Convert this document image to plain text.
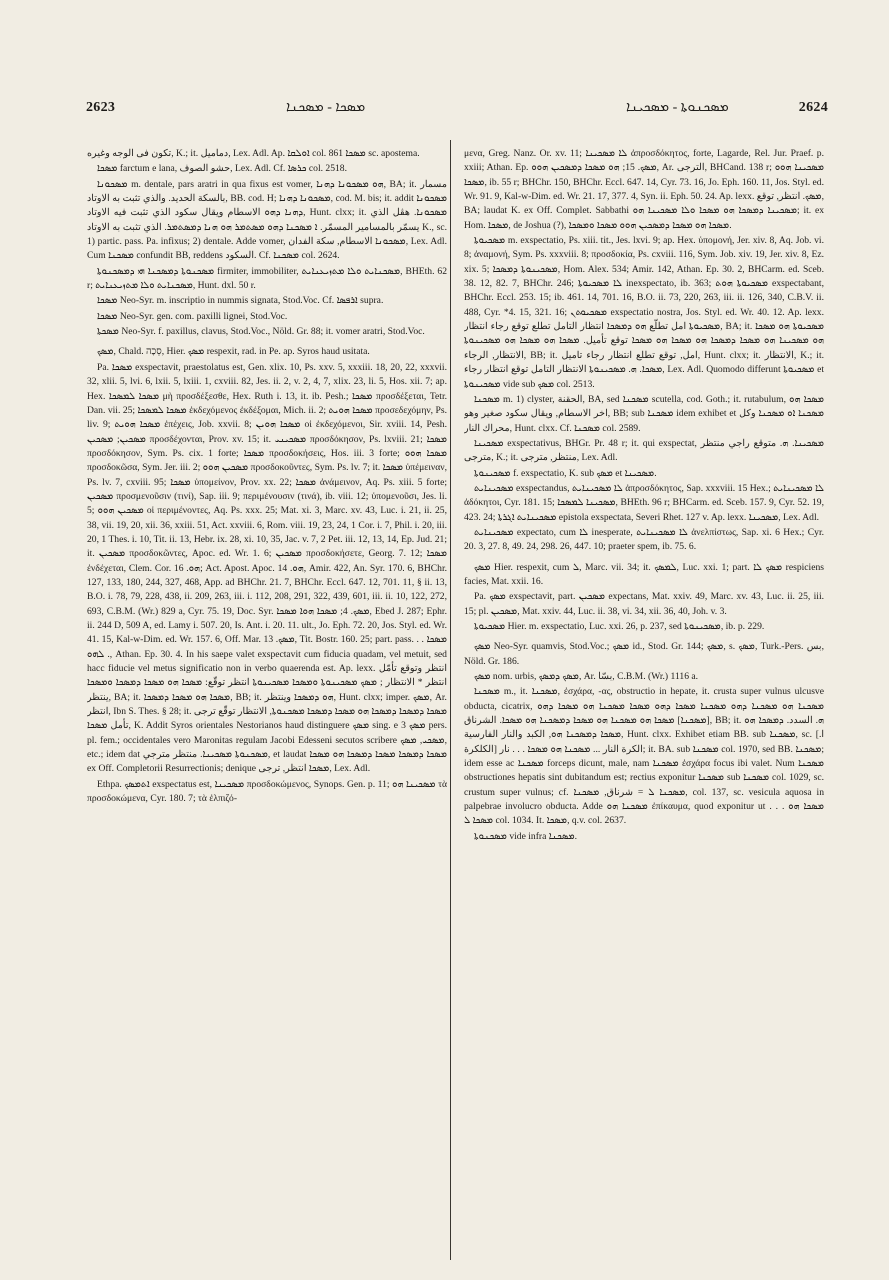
2623	ܡܣܟܐ - ܡܣܟܢܐ	ܡܣܟܢܘܬܐ - ܡܣܟܝܢܐ	2624

تكون فى الوجه وغيره, K.; it. دماميل, Lex. Adl. Ap. ܐܘܠܩܐ col. 861 ܡܣܟܐ sc. apostema.

ܡܣܟܐ farctum e lana, حشو الصوف, Lex. Adl. Cf. ܟܪܣܐ col. 2518.

ܡܣܟܘܢܐ m. dentale, pars aratri in qua fixus est vomer, ܗܘ ܡܣܟܘܢܐ ܕܗܢܐ, BA; it. مسمار بالسكة الحديد. والذي تثبت به الاوتاد, BB. cod. H; ܡܣܟܘܢܐ ܕܗܢܐ, cod. M. bis; it. addit ܡܣܟܘܢܐ ܕܗܢܐ ܕܗܘ الاسطام ويقال سكود الذي تثبت فيه الاوتاد, Hunt. clxx; it. ܡܣܟܘܢܐ. هڨل الذي يسمّر بالمسامير المسمّر. ܐ ܡܣܟܢܐ ܕܗܘ ܡܣܬܡܪ ܗܘ ܗܢܐ ܕܡܣܬܡܪ. الذي تثبت به الاوتاد K., sc. 1) partic. pass. Pa. infixus; 2) dentale. Adde vomer, ܡܣܟܘܢܐ الاسطام, سكة الفدان, Lex. Adl. Cum ܡܣܟܢܐ confundit BB, reddens السكود. Cf. ܡܣܟܢܐ col. 2624.

ܡܣܟܢܘܬܐ ܕܡܣܟܢܐ ܗܝ ܕܡܣܟܢܘܬܐ firmiter, immobiliter, ܡܣܟܢܐܝܬ ܘܠܐ ܡܬܙܝܥܢܐܝܬ, BHEth. 62 r; ܡܣܟܢܐܝܬ ܘܠܐ ܡܬܙܝܥܢܐܝܬ, Hunt. dxl. 50 r.

ܡܣܟܐ Neo-Syr. m. inscriptio in nummis signata, Stod.Voc. Cf. ܐܪܦܣܐ supra.

ܡܣܟܐ Neo-Syr. gen. com. paxilli lignei, Stod.Voc.

ܡܣܟܬܐ Neo-Syr. f. paxillus, clavus, Stod.Voc., Nöld. Gr. 88; it. vomer aratri, Stod.Voc.

ܡܣܟ, Chald. סְכָה, Hier. ܡܣܟ respexit, rad. in Pe. ap. Syros haud usitata.

Pa. ܡܣܟܐ exspectavit, praestolatus est, Gen. xlix. 10, Ps. xxv. 5, xxxiii. 18, 20, 22, xxxvii. 32, xlii. 5, lvi. 6, lxii. 5, lxiii. 1, cxviii. 82, Jes. ii. 2, v. 2, 4, 7, xlix. 23, li. 5, Hos. xii. 7; ap. Hex. ܡܣܟܐ ܠܡܣܟܐ μὴ προσδέξεσθε, Hex. Ruth i. 13, it. ib. Pesh.; ܡܣܟܐ προσδέξεται, Tetr. Dan. vii. 25; ܡܣܟܐ ܠܡܣܟܐ ἐκδεχόμενος ἐκδέξομαι, Mich. ii. 2; ܡܣܟܐ ܗܘܝܬ προσεδεχόμην, Ps. liv. 9; ܡܣܟܐ ܗܘܝܬ ἐπέχεις, Job. xxvii. 8; ܡܣܟܐ ܗܘܝܢ οἱ ἐκδεχόμενοι, Sir. xviii. 14, Pesh. ܡܣܟܝܢ; ܡܣܟܝܢ προσδέχονται, Prov. xv. 15; it. ܡܣܟܝܢܝ προσδόκησον, Ps. lxviii. 21; ܡܣܟܐ προσδόκησον, Sym. Ps. cix. 1 forte; ܡܣܟܐ προσδοκήσεις, Hos. iii. 3 forte; ܡܣܟܐ ܗܘܘ προσδοκῶσα, Sym. Jer. iii. 2; ܡܣܟܝܢ ܗܘܘ προσδοκοῦντες, Sym. Ps. lv. 7; it. ܡܣܟܐ ὑπέμειναν, Ps. lv. 7, cxviii. 95; ܡܣܟܐ ὑπομείνον, Prov. xx. 22; ܡܣܟܐ ἀνάμεινον, Aq. Ps. xiii. 5 forte; ܡܣܟܝܢ προσμενοῦσιν (τινί), Sap. iii. 9; περιμένουσιν (τινά), ib. viii. 12; ὑπομενοῦσι, Jes. li. 5; ܡܣܟܝܢ ܗܘܘ οἱ περιμένοντες, Aq. Ps. xxx. 25; Mat. xi. 3, Marc. xv. 43, Luc. i. 21, ii. 25, 38, vii. 19, 20, xii. 36, xxiii. 51, Act. xxviii. 6, Rom. viii. 19, 23, 24, 1 Cor. i. 7, Phil. i. 20, iii. 20, 1 Thes. i. 10, Tit. ii. 13, Hebr. ix. 28, xi. 10, 35, Jac. v. 7, 2 Pet. iii. 12, 13, 14, Ep. Jud. 21; it. ܡܣܟܝܢ προσδοκῶντες, Apoc. ed. Wr. 1. 6; ܡܣܟܝܢ προσδοκήσετε, Georg. 7. 12; ܡܣܟܐ ἐνδέχεται, Clem. Cor. ܗܘ. 16; Act. Apost. Apoc. ܗܘ. 14, Amir. 422, An. Syr. 170. 6, BHChr. 127, 133, 180, 244, 327, 468, App. ad BHChr. 21. 7, BHChr. Eccl. 647. 12, 701. 11, § ii. 13, B.O. i. 78, 79, 228, 438, ii. 209, 263, iii. i. 112, 208, 291, 322, 439, 601, iii. ii. 10, 122, 272, 693, C.B.M. (Wr.) 829 a, Cyr. 75. 19, Doc. Syr. ܡܣܟ. 4; ܡܣܟܐ ܗܘܐ ܡܣܟܐ, Ebed J. 287; Ephr. ii. 244 D, 509 A, ed. Lamy i. 507. 20, Is. Ant. i. 20. 11. ult., Jo. Eph. 72. 20, Jos. Styl. ed. Wr. 41. 15, Kal-w-Dim. ed. Wr. 157. 6, Off. Mar. ܡܣܟ. 13, Tit. Bostr. 160. 25; part. pass. ܡܣܟܐ . . . ܠܗܘ, Athan. Ep. 30. 4. In his saepe valet exspectavit cum fiducia quadam, vel metuit, sed hacc fiducie vel metus significatio non in verbo quaerenda est. Ap. lexx. انتظر وتوقع تأمّل انتظر * الانتظار ; ܡܣܟ ܡܣܟܝܢܘܬܐ ܘܡܣܟܐ ܡܣܟܝܢܘܬܐ انتظر توقّع: ܡܣܟܐ ܗܘ ܡܣܟܐ ܕܡܣܟܐ ܘܡܣܟܐ ينتظر, BA; it. ܡܣܟܐ ܗܘ ܡܣܟܐ ܕܡܣܟܐ, BB; it. ܗܘ ܕܡܣܟܐ وينتظر, Hunt. clxx; imper. ܡܣܟ, Ar. انتظر, Ibn S. Thes. § 28; it. ܡܣܟܐ ܕܡܣܟܐ ܕܡܣܟܐ ܗܘ ܡܣܟܐ ܕܡܣܟܐ ܡܣܟܢܘܬܐ, الانتظار توقّع ترجى تأمل ܡܣܟܐ, K. Addit Syros orientales Nestorianos haud distinguere ܡܣܟ sing. e ܡܣܟ 3 pers. pl. fem.; occidentales vero Maronitas regulam Jacobi Edesseni secutos scribere ܡܣܟܝ, ܡܣܟ, etc.; idem dat ܡܣܟܢܘܬܐ ܡܣܟܝܢܐ. منتظر مترجي, et laudat ܡܣܟܐ ܕܡܣܟܐ ܡܣܟܐ ܕܡܣܟܐ ܗܘ ܡܣܟܐ ex Off. Completorii Resurrectionis; denique ܡܣܟܐ انتظر, ترجى, Lex. Adl.

Ethpa. ܐܬܡܣܟ exspectatus est, ܡܣܟܝܢܐ προσδοκώμενος, Synops. Gen. p. 11; ܡܣܟܝܢܐ ܗܘ τὰ προσδοκώμενα, Cyr. 180. 7; τὰ ἐλπιζό-

μενα, Greg. Nanz. Or. xv. 11; ܠܐ ܡܣܟܝܢܐ ἀπροσδόκητος, forte, Lagarde, Rel. Jur. Praef. p. xxiii; Athan. Ep. ܡܣܟ. 15; ܗܘ ܡܣܟܐ ܕܡܣܟܝܢ ܗܘܘ, Ar. الترجى, BHCand. 138 r; ܡܣܟܝܢܐ ܗܘܘ ܡܣܟܐ, ib. 55 r; BHChr. 150, BHChr. Eccl. 647. 14, Cyr. 73. 16, Jo. Eph. 160. 11, Jos. Styl. ed. Wr. 91. 9, Kal-w-Dim. ed. Wr. 21. 17, 377. 4, Syn. ii. Eph. 50. 24. Ap. lexx. ܡܣܟ. انتظر, توقع, BA; laudat K. ex Off. Complet. Sabbathi ܡܣܟܝܢܐ ܕܡܣܟܐ ܗܘ ܡܣܟܐ ܘܠܐ ܡܣܟܝܢܐ ܗܘ; it. ex Hom. ܡܣܟܐ, de Joshua (?), ܡܣܟܐ ܗܘ ܡܣܟܐ ܕܡܣܟܝܢ ܗܘܘ ܡܣܟܐ ܘܡܣܟܐ.

ܡܣܟܝܘܬܐ m. exspectatio, Ps. xiii. tit., Jes. lxvi. 9; ap. Hex. ὑπομονή, Jer. xiv. 8, Aq. Job. vi. 8; ἀναμονή, Sym. Ps. xxxviii. 8; προσδοκία, Ps. cxviii. 116, Sym. Job. xiv. 19, Jer. xiv. 8, Ez. xix. 5; ܡܣܟܝܢܘܬܐ ܕܡܣܟܐ, Hom. Alex. 534; Amir. 142, Athan. Ep. 30. 2, BHCarm. ed. Sceb. 38. 12, 82. 7, BHChr. 246; ܠܐ ܡܣܟܝܘܬܐ inexspectato, ib. 363; ܡܣܟܝܘܬܐ ܗܘܬ exspectabant, BHChr. Eccl. 253. 15; ib. 461. 14, 701. 16, B.O. ii. 73, 220, 263, iii. ii. 126, 340, C.B.V. ii. 488, Cyr. *4. 15, 321. 16; ܡܣܟܝܘܬܢ exspectatio nostra, Jos. Styl. ed. Wr. 40. 12. Ap. lexx. ܡܣܟܝܘܬܐ امل تطلّع ܗܘ ܕܡܣܟܐ انتظار التامل تطلع توقع رجاء انتظار, BA; it. ܡܣܟܝܘܬܐ ܗܘ ܡܣܟܐ ܗܘ ܡܣܟܝܢܐ ܗܘ ܡܣܟܐ ܕܡܣܟܐ ܗܘ ܡܣܟܐ ܗܘ ܡܣܟܐ توقع تأميل. ܡܣܟܐ ܗܘ ܡܣܟܐ ܗܘ ܡܣܟܝܢܘܬܐ الانتظار, الرجاء, BB; it. امل, توقع تطلع انتظار رجاء تاميل, Hunt. clxx; it. الانتظار, K.; it. ܡܣܟܐ. ܗ. ܡܣܟܝܢܘܬܐ الانتظار التامل توقع انتظار رجاء, Lex. Adl. Quomodo differunt ܡܣܟܝܘܬܐ et ܡܣܟܝܢܘܬܐ vide sub ܡܣܟ col. 2513.

ܡܣܟܢܐ m. 1) clyster, الحقنة, BA, sed ܡܣܟܢܐ scutella, cod. Goth.; it. rutabulum, ܡܣܟܐ ܗܘ اخر الاسطام, ويقال سكود صغير وهو, BB; sub ܡܣܟܢܐ idem exhibet et ܡܣܟܢܐ ܐܘ ܡܣܟܢܐ وكل محراك النار, Hunt. clxx. Cf. ܡܣܟܢܐ col. 2589.

ܡܣܟܝܢܐ exspectativus, BHGr. Pr. 48 r; it. qui exspectat, ܡܣܟܝܢܐ. ܗ. متوقع راجي منتظر مترجى, K.; it. منتظر, مترجى, Lex. Adl.

ܡܣܟܝܢܘܬܐ f. exspectatio, K. sub ܡܣܟ et ܡܣܟܝܢܐ.

ܡܣܟܝܢܐܝܬ exspectandus, ܠܐ ܡܣܟܝܢܐܝܬ ἀπροσδόκητος, Sap. xxxviii. 15 Hex.; ܠܐ ܡܣܟܝܢܐܝܬ ἀδόκητοι, Cyr. 181. 15; ܡܣܟܝܢܐ ܠܡܣܟܐ, BHEth. 96 r; BHCarm. ed. Sceb. 157. 9, Cyr. 52. 19, 423. 24; ܡܣܟܝܢܐܝܬ ܐܓܪܬܐ epistola exspectata, Severi Rhet. 127 v. Ap. lexx. ܡܣܟܝܢܐ, Lex. Adl.

ܡܣܟܝܢܐܝܬ expectato, cum ܠܐ inesperate, ܠܐ ܡܣܟܝܢܐܝܬ ἀνελπίστως, Sap. xi. 6 Hex.; Cyr. 20. 3, 27. 8, 49. 24, 298. 26, 447. 10; praeter spem, ib. 75. 6.

ܡܣܟ Hier. respexit, cum ܠ, Marc. vii. 34; it. ܠܡܣܟ, Luc. xxi. 1; part. ܡܣܟ ܠܐ respiciens facies, Mat. xxii. 16.

Pa. ܡܣܟ exspectavit, part. ܡܣܟܝܢ expectans, Mat. xxiv. 49, Marc. xv. 43, Luc. ii. 25, iii. 15; pl. ܡܣܟܝܢ, Mat. xxiv. 44, Luc. ii. 38, vi. 34, xii. 36, 40, Joh. v. 3.

ܡܣܟܝܘܬܐ Hier. m. exspectatio, Luc. xxi. 26, p. 237, sed ܡܣܟܝܢܘܬܐ, ib. p. 229.

ܡܣܟ Neo-Syr. quamvis, Stod.Voc.; ܡܣܟ id., Stod. Gr. 144; ܡܣܟ, s. ܡܣܟ, Turk.-Pers. بس, Nöld. Gr. 186.

ܡܣܟ nom. urbis, ܡܣܟ ܕܡܣܟ, Ar. بسّا, C.B.M. (Wr.) 1116 a.

ܡܣܟܢܐ m., it. ܡܣܟܢܐ, ἐσχάρα, -ας, obstructio in hepate, it. crusta super vulnus ulcusve obducta, cicatrix, ܡܣܟܢܐ ܗܘ ܡܣܟܢܐ ܕܗܘ ܡܣܟܢܐ ܡܣܟܐ ܕܗܘ ܡܣܟܐ ܡܣܟܢܐ ܗܘ ܡܣܟܐ ܕܗܘ [ܡܣܟܢܐ] ܡܣܟܐ ܗܘ ܡܣܟܢܐ ܗܘ ܡܣܟܐ ܕܡܣܟܢܐ ܗܘ ܡܣܟܐ. الشرناق, BB; it. ܗ. السدد. ܕܡܣܟܐ ܗܘ ܡܣܟܐ ܕܡܣܟܢܐ ܗܘ, الكبد والنار الفارسية, Hunt. clxx. Exhibet etiam BB. sub ܡܣܟܢܐ, sc. [ا. الكلكرة] الكرة النار ... ܡܣܟܢܐ ܗܘ ܡܣܟܐ . . . نار; it. BA. sub ܡܣܟܢܐ col. 1970, sed BB. ܡܣܟܢܐ; idem esse ac ܡܣܟܢܐ forceps dicunt, male, nam ܡܣܟܢܐ ἐσχάρα focus ibi valet. Num ܡܣܟܢܐ obstructiones hepatis sint dubitandum est; rectius exponitur ܡܣܟܢܐ sub ܡܣܟܢܐ col. 1029, sc. crustum super vulnus; cf. ܡܣܟܢܐ ܠ = شرناق, ܡܣܟܢܐ, col. 137, sc. vesicula aquosa in palpebrae involucro obducta. Adde ܡܣܟܢܐ ܗܘ ἐπίκαυμα, quod exponitur ut . . . ܡܣܟܐ ܗܘ ܡܣܟܐ ܠ col. 1034. It. ܡܣܟܐ, q.v. col. 2637.

ܡܣܟܢܘܬܐ vide infra ܡܣܟܢܐ.
